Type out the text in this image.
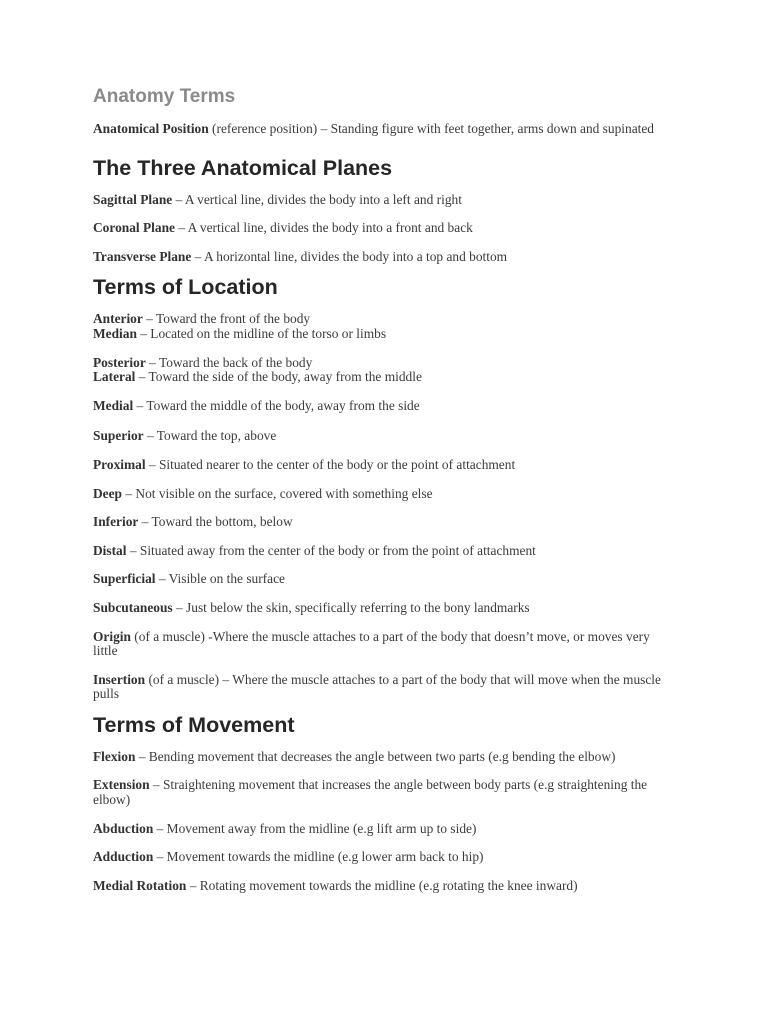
Anatomy Terms

Anatomical Position (reference position) – Standing figure with feet together, arms down and supinated

The Three Anatomical Planes

Sagittal Plane – A vertical line, divides the body into a left and right

Coronal Plane – A vertical line, divides the body into a front and back

Transverse Plane – A horizontal line, divides the body into a top and bottom

Terms of Location

Anterior – Toward the front of the body

Median – Located on the midline of the torso or limbs

Posterior – Toward the back of the body

Lateral – Toward the side of the body, away from the middle

Medial – Toward the middle of the body, away from the side

Superior – Toward the top, above

Proximal – Situated nearer to the center of the body or the point of attachment

Deep – Not visible on the surface, covered with something else

Inferior – Toward the bottom, below

Distal – Situated away from the center of the body or from the point of attachment

Superficial – Visible on the surface

Subcutaneous – Just below the skin, specifically referring to the bony landmarks

Origin (of a muscle) -Where the muscle attaches to a part of the body that doesn’t move, or moves very little

Insertion (of a muscle) – Where the muscle attaches to a part of the body that will move when the muscle pulls

Terms of Movement

Flexion – Bending movement that decreases the angle between two parts (e.g bending the elbow)

Extension – Straightening movement that increases the angle between body parts (e.g straightening the elbow)

Abduction – Movement away from the midline (e.g lift arm up to side)

Adduction – Movement towards the midline (e.g lower arm back to hip)

Medial Rotation – Rotating movement towards the midline (e.g rotating the knee inward)
